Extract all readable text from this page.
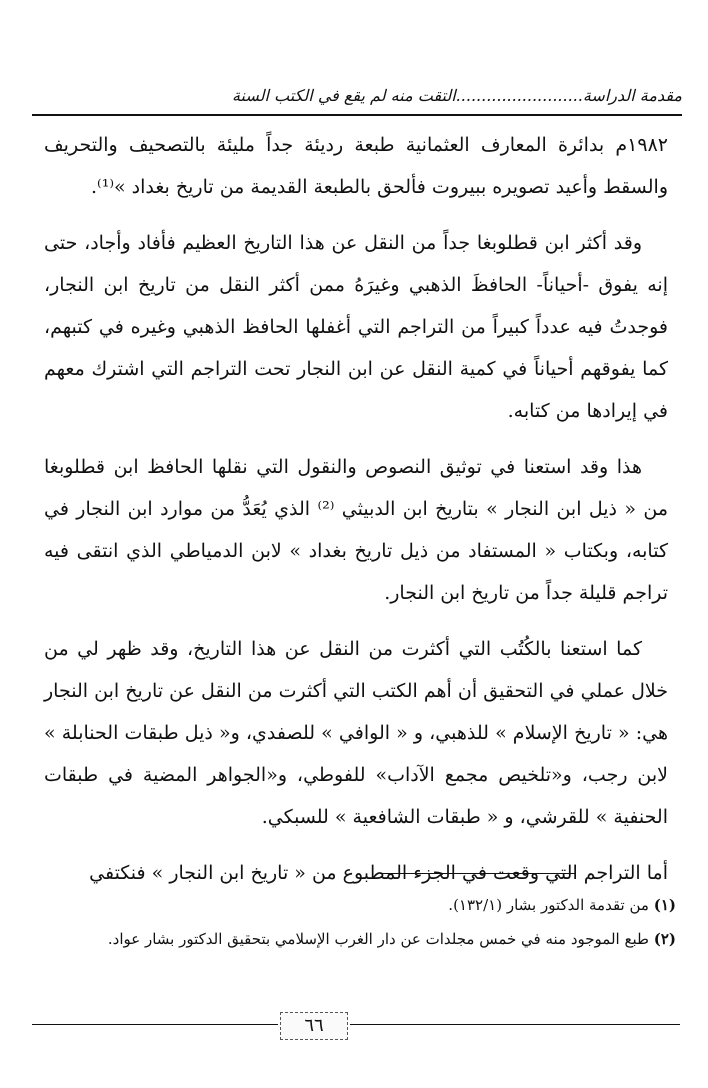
مقدمة الدراسة.........................التقت منه لم يقع في الكتب السنة

١٩٨٢م بدائرة المعارف العثمانية طبعة رديئة جداً مليئة بالتصحيف والتحريف والسقط وأعيد تصويره ببيروت فألحق بالطبعة القديمة من تاريخ بغداد »⁽¹⁾.

وقد أكثر ابن قطلوبغا جداً من النقل عن هذا التاريخ العظيم فأفاد وأجاد، حتى إنه يفوق -أحياناً- الحافظَ الذهبي وغيرَهُ ممن أكثر النقل من تاريخ ابن النجار، فوجدتُ فيه عدداً كبيراً من التراجم التي أغفلها الحافظ الذهبي وغيره في كتبهم، كما يفوقهم أحياناً في كمية النقل عن ابن النجار تحت التراجم التي اشترك معهم في إيرادها من كتابه.

هذا وقد استعنا في توثيق النصوص والنقول التي نقلها الحافظ ابن قطلوبغا من « ذيل ابن النجار » بتاريخ ابن الدبيثي ⁽²⁾ الذي يُعَدُّ من موارد ابن النجار في كتابه، وبكتاب « المستفاد من ذيل تاريخ بغداد » لابن الدمياطي الذي انتقى فيه تراجم قليلة جداً من تاريخ ابن النجار.

كما استعنا بالكُتُب التي أكثرت من النقل عن هذا التاريخ، وقد ظهر لي من خلال عملي في التحقيق أن أهم الكتب التي أكثرت من النقل عن تاريخ ابن النجار هي: « تاريخ الإسلام » للذهبي، و « الوافي » للصفدي، و« ذيل طبقات الحنابلة » لابن رجب، و«تلخيص مجمع الآداب» للفوطي، و«الجواهر المضية في طبقات الحنفية » للقرشي، و « طبقات الشافعية » للسبكي.

أما التراجم التي وقعت في الجزء المطبوع من « تاريخ ابن النجار » فنكتفي

(١) من تقدمة الدكتور بشار (١٣٢/١).

(٢) طبع الموجود منه في خمس مجلدات عن دار الغرب الإسلامي بتحقيق الدكتور بشار عواد.

٦٦
